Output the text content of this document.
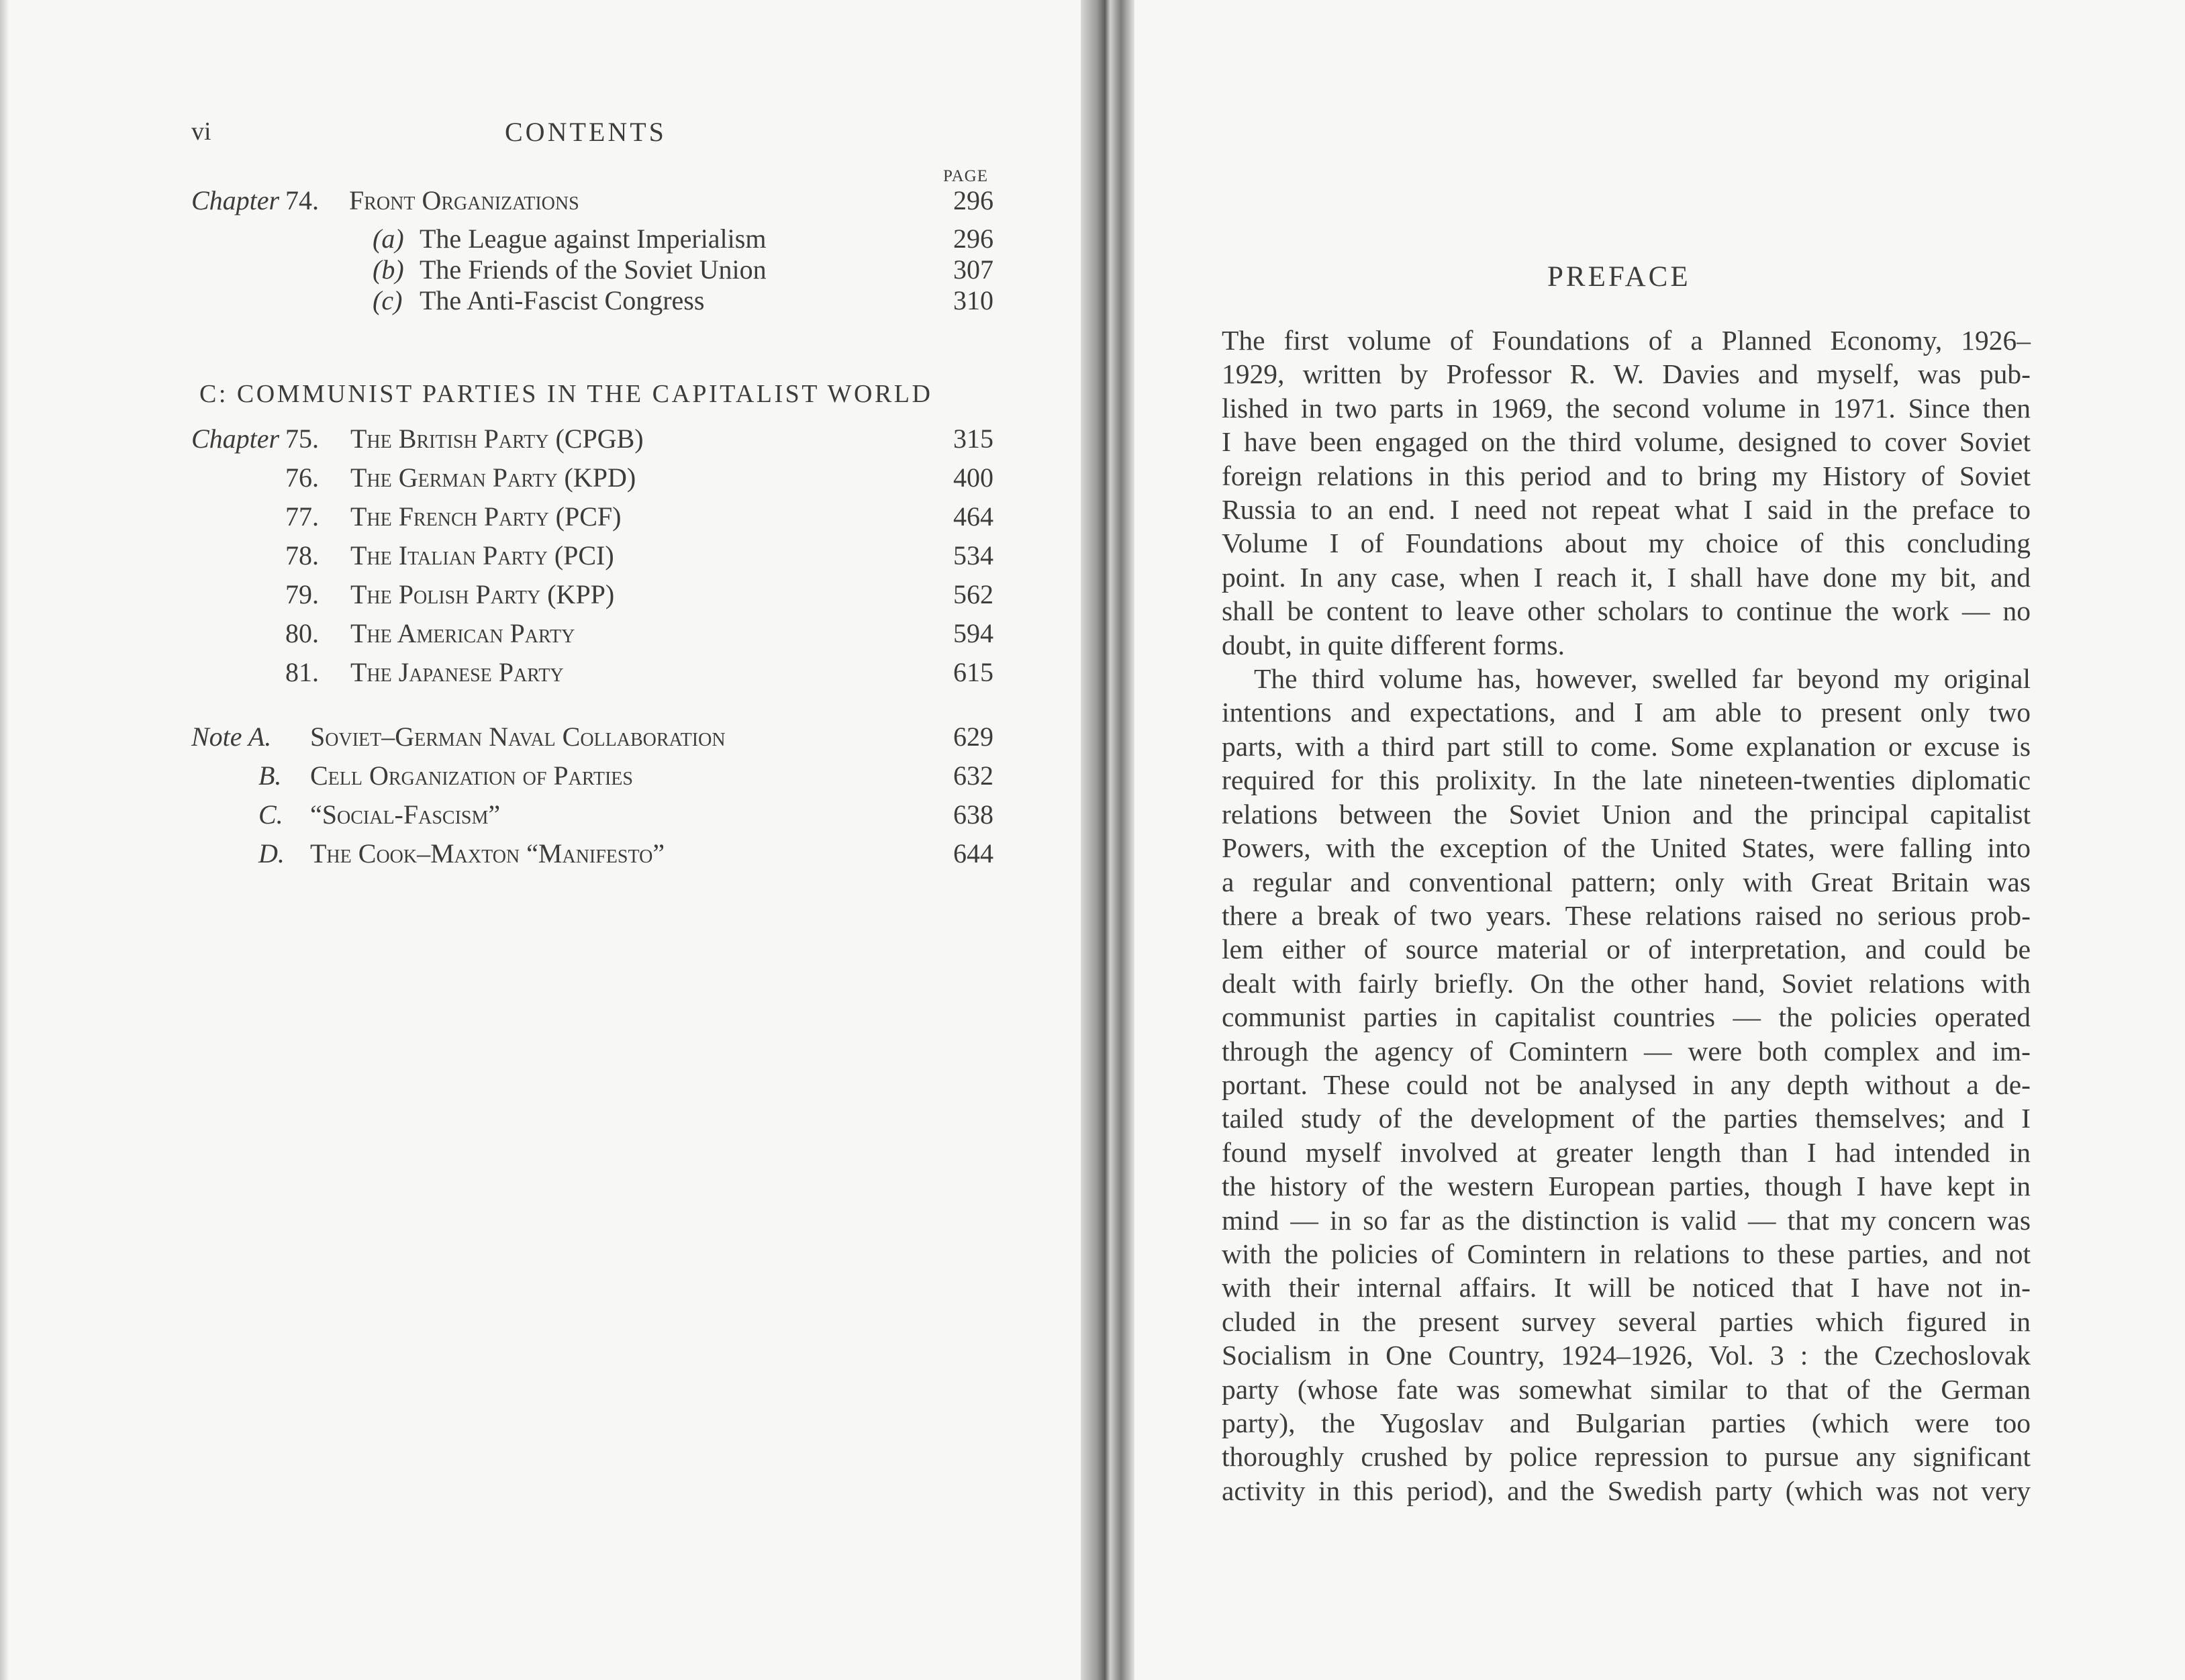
vi	CONTENTS
PAGE
Chapter 74. Front Organizations	296
(a) The League against Imperialism	296
(b) The Friends of the Soviet Union	307
(c) The Anti-Fascist Congress	310
C: COMMUNIST PARTIES IN THE CAPITALIST WORLD
Chapter 75. The British Party (CPGB)	315
76. The German Party (KPD)	400
77. The French Party (PCF)	464
78. The Italian Party (PCI)	534
79. The Polish Party (KPP)	562
80. The American Party	594
81. The Japanese Party	615
Note A. Soviet–German Naval Collaboration	629
B. Cell Organization of Parties	632
C. “Social-Fascism”	638
D. The Cook–Maxton “Manifesto”	644
PREFACE
The first volume of Foundations of a Planned Economy, 1926–
1929, written by Professor R. W. Davies and myself, was pub-
lished in two parts in 1969, the second volume in 1971. Since then
I have been engaged on the third volume, designed to cover Soviet
foreign relations in this period and to bring my History of Soviet
Russia to an end. I need not repeat what I said in the preface to
Volume I of Foundations about my choice of this concluding
point. In any case, when I reach it, I shall have done my bit, and
shall be content to leave other scholars to continue the work — no
doubt, in quite different forms.
The third volume has, however, swelled far beyond my original
intentions and expectations, and I am able to present only two
parts, with a third part still to come. Some explanation or excuse is
required for this prolixity. In the late nineteen-twenties diplomatic
relations between the Soviet Union and the principal capitalist
Powers, with the exception of the United States, were falling into
a regular and conventional pattern; only with Great Britain was
there a break of two years. These relations raised no serious prob-
lem either of source material or of interpretation, and could be
dealt with fairly briefly. On the other hand, Soviet relations with
communist parties in capitalist countries — the policies operated
through the agency of Comintern — were both complex and im-
portant. These could not be analysed in any depth without a de-
tailed study of the development of the parties themselves; and I
found myself involved at greater length than I had intended in
the history of the western European parties, though I have kept in
mind — in so far as the distinction is valid — that my concern was
with the policies of Comintern in relations to these parties, and not
with their internal affairs. It will be noticed that I have not in-
cluded in the present survey several parties which figured in
Socialism in One Country, 1924–1926, Vol. 3 : the Czechoslovak
party (whose fate was somewhat similar to that of the German
party), the Yugoslav and Bulgarian parties (which were too
thoroughly crushed by police repression to pursue any significant
activity in this period), and the Swedish party (which was not very
